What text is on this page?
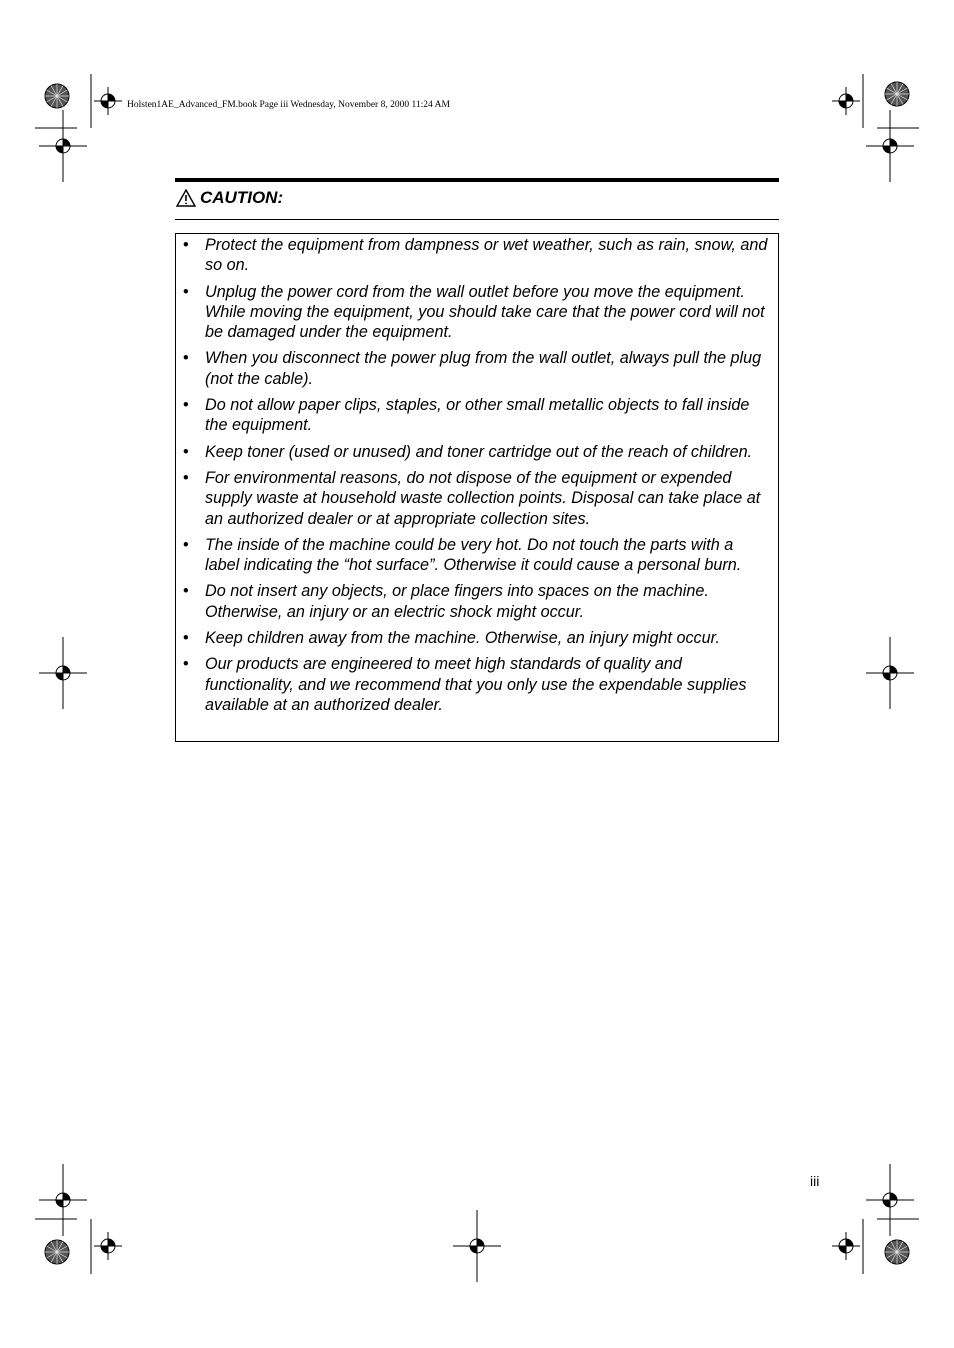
Holsten1AE_Advanced_FM.book Page iii Wednesday, November 8, 2000 11:24 AM
CAUTION:
• Protect the equipment from dampness or wet weather, such as rain, snow, and so on.
• Unplug the power cord from the wall outlet before you move the equipment. While moving the equipment, you should take care that the power cord will not be damaged under the equipment.
• When you disconnect the power plug from the wall outlet, always pull the plug (not the cable).
• Do not allow paper clips, staples, or other small metallic objects to fall inside the equipment.
• Keep toner (used or unused) and toner cartridge out of the reach of children.
• For environmental reasons, do not dispose of the equipment or expended supply waste at household waste collection points. Disposal can take place at an authorized dealer or at appropriate collection sites.
• The inside of the machine could be very hot. Do not touch the parts with a label indicating the “hot surface”. Otherwise it could cause a personal burn.
• Do not insert any objects, or place fingers into spaces on the machine. Otherwise, an injury or an electric shock might occur.
• Keep children away from the machine. Otherwise, an injury might occur.
• Our products are engineered to meet high standards of quality and functionality, and we recommend that you only use the expendable supplies available at an authorized dealer.
iii
